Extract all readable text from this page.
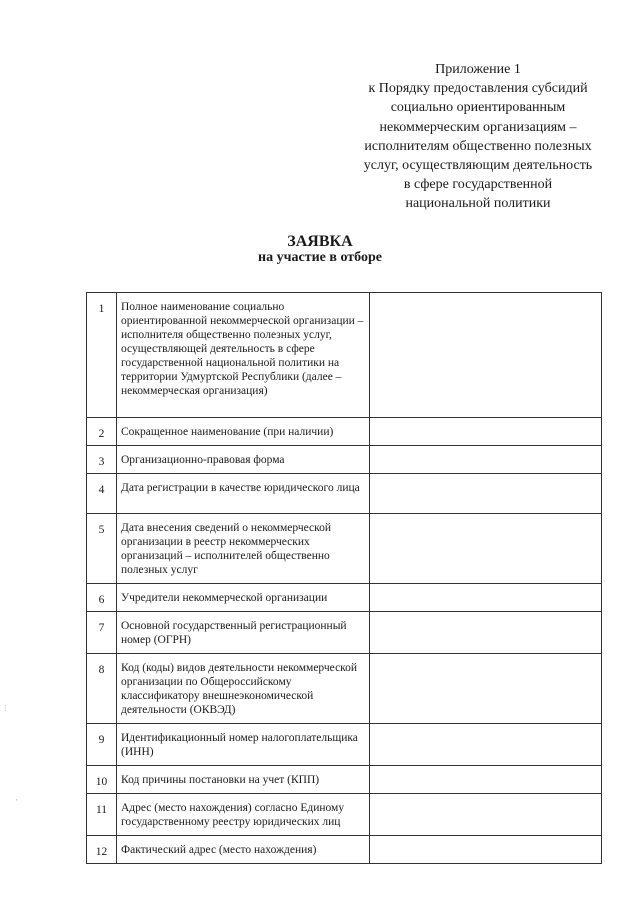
Приложение 1
к Порядку предоставления субсидий
социально ориентированным
некоммерческим организациям –
исполнителям общественно полезных
услуг, осуществляющим деятельность
в сфере государственной
национальной политики
ЗАЯВКА
на участие в отборе
1	Полное наименование социально ориентированной некоммерческой организации – исполнителя общественно полезных услуг, осуществляющей деятельность в сфере государственной национальной политики на территории Удмуртской Республики (далее – некоммерческая организация)	
2	Сокращенное наименование (при наличии)	
3	Организационно-правовая форма	
4	Дата регистрации в качестве юридического лица	
5	Дата внесения сведений о некоммерческой организации в реестр некоммерческих организаций – исполнителей общественно полезных услуг	
6	Учредители некоммерческой организации	
7	Основной государственный регистрационный номер (ОГРН)	
8	Код (коды) видов деятельности некоммерческой организации по Общероссийскому классификатору внешнеэкономической деятельности (ОКВЭД)	
9	Идентификационный номер налогоплательщика (ИНН)	
10	Код причины постановки на учет (КПП)	
11	Адрес (место нахождения) согласно Единому государственному реестру юридических лиц	
12	Фактический адрес (место нахождения)	
⁝
·
